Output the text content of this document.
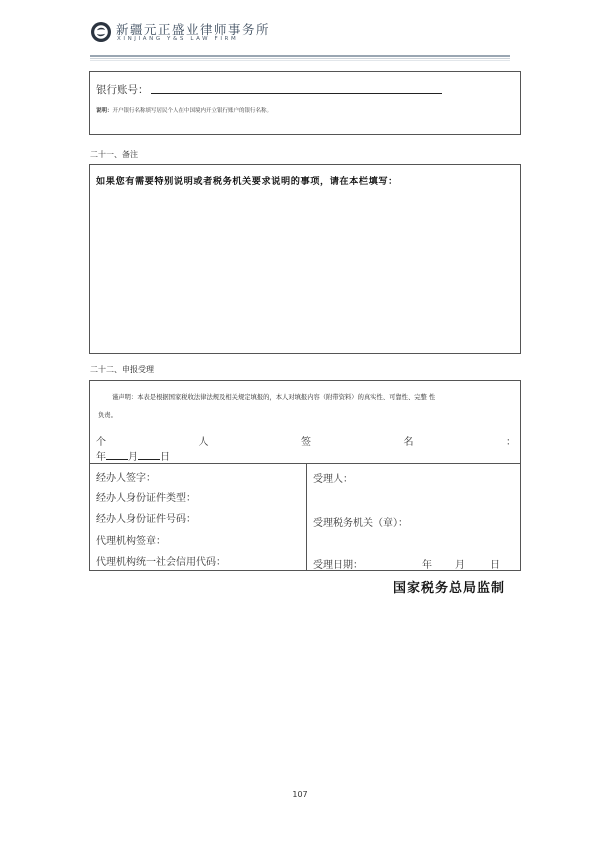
新疆元正盛业律师事务所
XINJIANG Y&S LAW FIRM
银行账号：
说明：开户银行名称填写居民个人在中国境内开立银行账户的银行名称。
二十一、备注
如果您有需要特别说明或者税务机关要求说明的事项，请在本栏填写：
二十二、申报受理
谨声明：本表是根据国家税收法律法规及相关规定填报的，本人对填报内容（附带资料）的真实性、可靠性、完整 性
负责。
个	人	签	名	：
年 月 日
经办人签字：
经办人身份证件类型：
经办人身份证件号码：
代理机构签章：
代理机构统一社会信用代码：
受理人：
受理税务机关（章）：
受理日期：	年 月	日
国家税务总局监制
107
